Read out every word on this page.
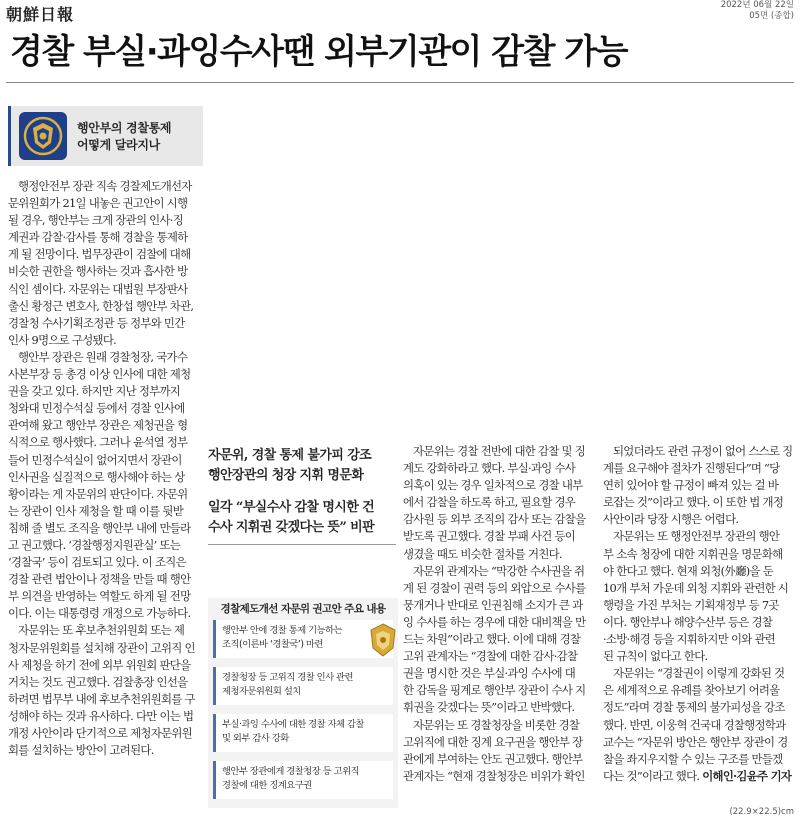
朝鮮日報	2022년 06월 22일
05면 (종합)
경찰 부실·과잉수사땐 외부기관이 감찰 가능
행안부의 경찰통제
어떻게 달라지나

행정안전부 장관 직속 경찰제도개선자
문위원회가 21일 내놓은 권고안이 시행
될 경우, 행안부는 크게 장관의 인사·징
계권과 감찰·감사를 통해 경찰을 통제하
게 될 전망이다. 법무장관이 검찰에 대해
비슷한 권한을 행사하는 것과 흡사한 방
식인 셈이다. 자문위는 대법원 부장판사
출신 황정근 변호사, 한창섭 행안부 차관,
경찰청 수사기획조정관 등 정부와 민간
인사 9명으로 구성됐다.

행안부 장관은 원래 경찰청장, 국가수
사본부장 등 총경 이상 인사에 대한 제청
권을 갖고 있다. 하지만 지난 정부까지
청와대 민정수석실 등에서 경찰 인사에
관여해 왔고 행안부 장관은 제청권을 형
식적으로 행사했다. 그러나 윤석열 정부
들어 민정수석실이 없어지면서 장관이
인사권을 실질적으로 행사해야 하는 상
황이라는 게 자문위의 판단이다. 자문위
는 장관이 인사 제청을 할 때 이를 뒷받
침해 줄 별도 조직을 행안부 내에 만들라
고 권고했다. ‘경찰행정지원관실’ 또는
‘경찰국’ 등이 검토되고 있다. 이 조직은
경찰 관련 법안이나 정책을 만들 때 행안
부 의견을 반영하는 역할도 하게 될 전망
이다. 이는 대통령령 개정으로 가능하다.

자문위는 또 후보추천위원회 또는 제
청자문위원회를 설치해 장관이 고위직 인
사 제청을 하기 전에 외부 위원회 판단을
거치는 것도 권고했다. 검찰총장 인선을
하려면 법무부 내에 후보추천위원회를 구
성해야 하는 것과 유사하다. 다만 이는 법
개정 사안이라 단기적으로 제청자문위원
회를 설치하는 방안이 고려된다.

자문위, 경찰 통제 불가피 강조
행안장관의 청장 지휘 명문화
일각 “부실수사 감찰 명시한 건
수사 지휘권 갖겠다는 뜻” 비판
경찰제도개선 자문위 권고안 주요 내용
행안부 안에 경찰 통제 기능하는
조직(이른바 ‘경찰국’) 마련
경찰청장 등 고위직 경찰 인사 관련
제청자문위원회 설치
부실·과잉 수사에 대한 경찰 자체 감찰
및 외부 감사 강화
행안부 장관에게 경찰청장 등 고위직
경찰에 대한 징계요구권

자문위는 경찰 전반에 대한 감찰 및 징
계도 강화하라고 했다. 부실·과잉 수사
의혹이 있는 경우 일차적으로 경찰 내부
에서 감찰을 하도록 하고, 필요할 경우
감사원 등 외부 조직의 감사 또는 감찰을
받도록 권고했다. 경찰 부패 사건 등이
생겼을 때도 비슷한 절차를 거친다.

자문위 관계자는 “막강한 수사권을 쥐
게 된 경찰이 권력 등의 외압으로 수사를
뭉개거나 반대로 인권침해 소지가 큰 과
잉 수사를 하는 경우에 대한 대비책을 만
드는 차원”이라고 했다. 이에 대해 경찰
고위 관계자는 “경찰에 대한 감사·감찰
권을 명시한 것은 부실·과잉 수사에 대
한 감독을 핑계로 행안부 장관이 수사 지
휘권을 갖겠다는 뜻”이라고 반박했다.

자문위는 또 경찰청장을 비롯한 경찰
고위직에 대한 징계 요구권을 행안부 장
관에게 부여하는 안도 권고했다. 행안부
관계자는 “현재 경찰청장은 비위가 확인

되었더라도 관련 규정이 없어 스스로 징
계를 요구해야 절차가 진행된다”며 “당
연히 있어야 할 규정이 빠져 있는 걸 바
로잡는 것”이라고 했다. 이 또한 법 개정
사안이라 당장 시행은 어렵다.

자문위는 또 행정안전부 장관의 행안
부 소속 청장에 대한 지휘권을 명문화해
야 한다고 했다. 현재 외청(外廳)을 둔
10개 부처 가운데 외청 지휘와 관련한 시
행령을 가진 부처는 기획재정부 등 7곳
이다. 행안부나 해양수산부 등은 경찰
·소방·해경 등을 지휘하지만 이와 관련
된 규칙이 없다고 한다.

자문위는 “경찰권이 이렇게 강화된 것
은 세계적으로 유례를 찾아보기 어려울
정도”라며 경찰 통제의 불가피성을 강조
했다. 반면, 이웅혁 건국대 경찰행정학과
교수는 “자문위 방안은 행안부 장관이 경
찰을 좌지우지할 수 있는 구조를 만들겠
다는 것”이라고 했다. 이해인·김윤주 기자

(22.9×22.5)cm
